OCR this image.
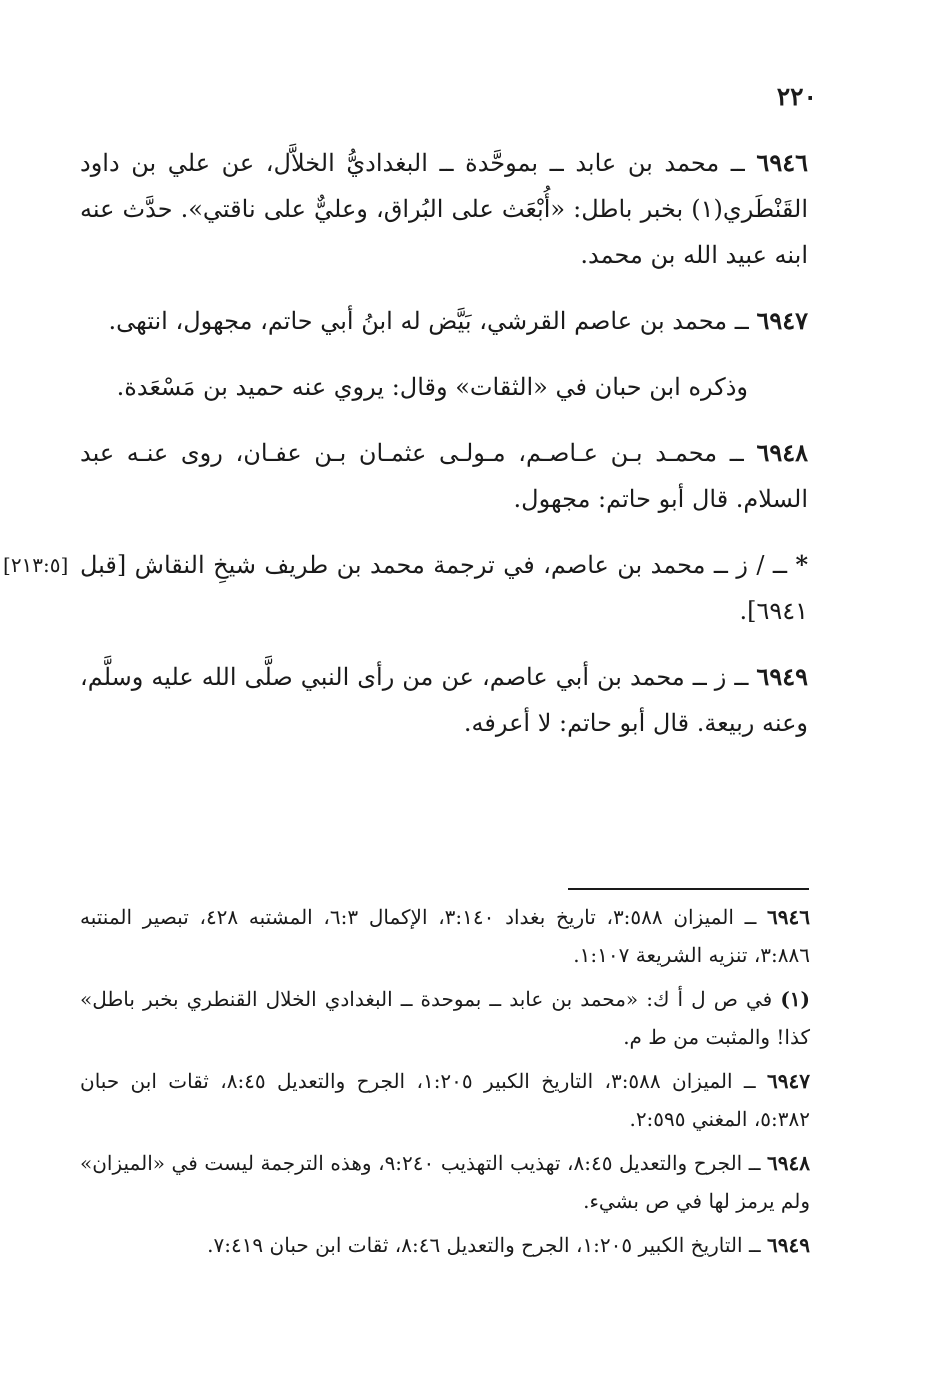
٢٢٠

٦٩٤٦ ــ محمد بن عابد ــ بموحَّدة ــ البغداديُّ الخلاَّل، عن علي بن داود القَنْطَري(١) بخبر باطل: «أُبْعَث على البُراق، وعليٌّ على ناقتي». حدَّث عنه ابنه عبيد الله بن محمد.

٦٩٤٧ ــ محمد بن عاصم القرشي، بَيَّض له ابنُ أبي حاتم، مجهول، انتهى.

وذكره ابن حبان في «الثقات» وقال: يروي عنه حميد بن مَسْعَدة.

٦٩٤٨ ــ محمـد بـن عـاصـم، مـولـى عثمـان بـن عفـان، روى عنـه عبد السلام. قال أبو حاتم: مجهول.

[٢١٣:٥]	* ــ / ز ــ محمد بن عاصم، في ترجمة محمد بن طريف شيخِ النقاش [قبل ٦٩٤١].

٦٩٤٩ ــ ز ــ محمد بن أبي عاصم، عن من رأى النبي صلَّى الله عليه وسلَّم، وعنه ربيعة. قال أبو حاتم: لا أعرفه.

٦٩٤٦ ــ الميزان ٣:٥٨٨، تاريخ بغداد ٣:١٤٠، الإكمال ٦:٣، المشتبه ٤٢٨، تبصير المنتبه ٣:٨٨٦، تنزيه الشريعة ١:١٠٧.

(١) في ص ل أ ك: «محمد بن عابد ــ بموحدة ــ البغدادي الخلال القنطري بخبر باطل» كذا! والمثبت من ط م.

٦٩٤٧ ــ الميزان ٣:٥٨٨، التاريخ الكبير ١:٢٠٥، الجرح والتعديل ٨:٤٥، ثقات ابن حبان ٥:٣٨٢، المغني ٢:٥٩٥.

٦٩٤٨ ــ الجرح والتعديل ٨:٤٥، تهذيب التهذيب ٩:٢٤٠، وهذه الترجمة ليست في «الميزان» ولم يرمز لها في ص بشيء.

٦٩٤٩ ــ التاريخ الكبير ١:٢٠٥، الجرح والتعديل ٨:٤٦، ثقات ابن حبان ٧:٤١٩.
